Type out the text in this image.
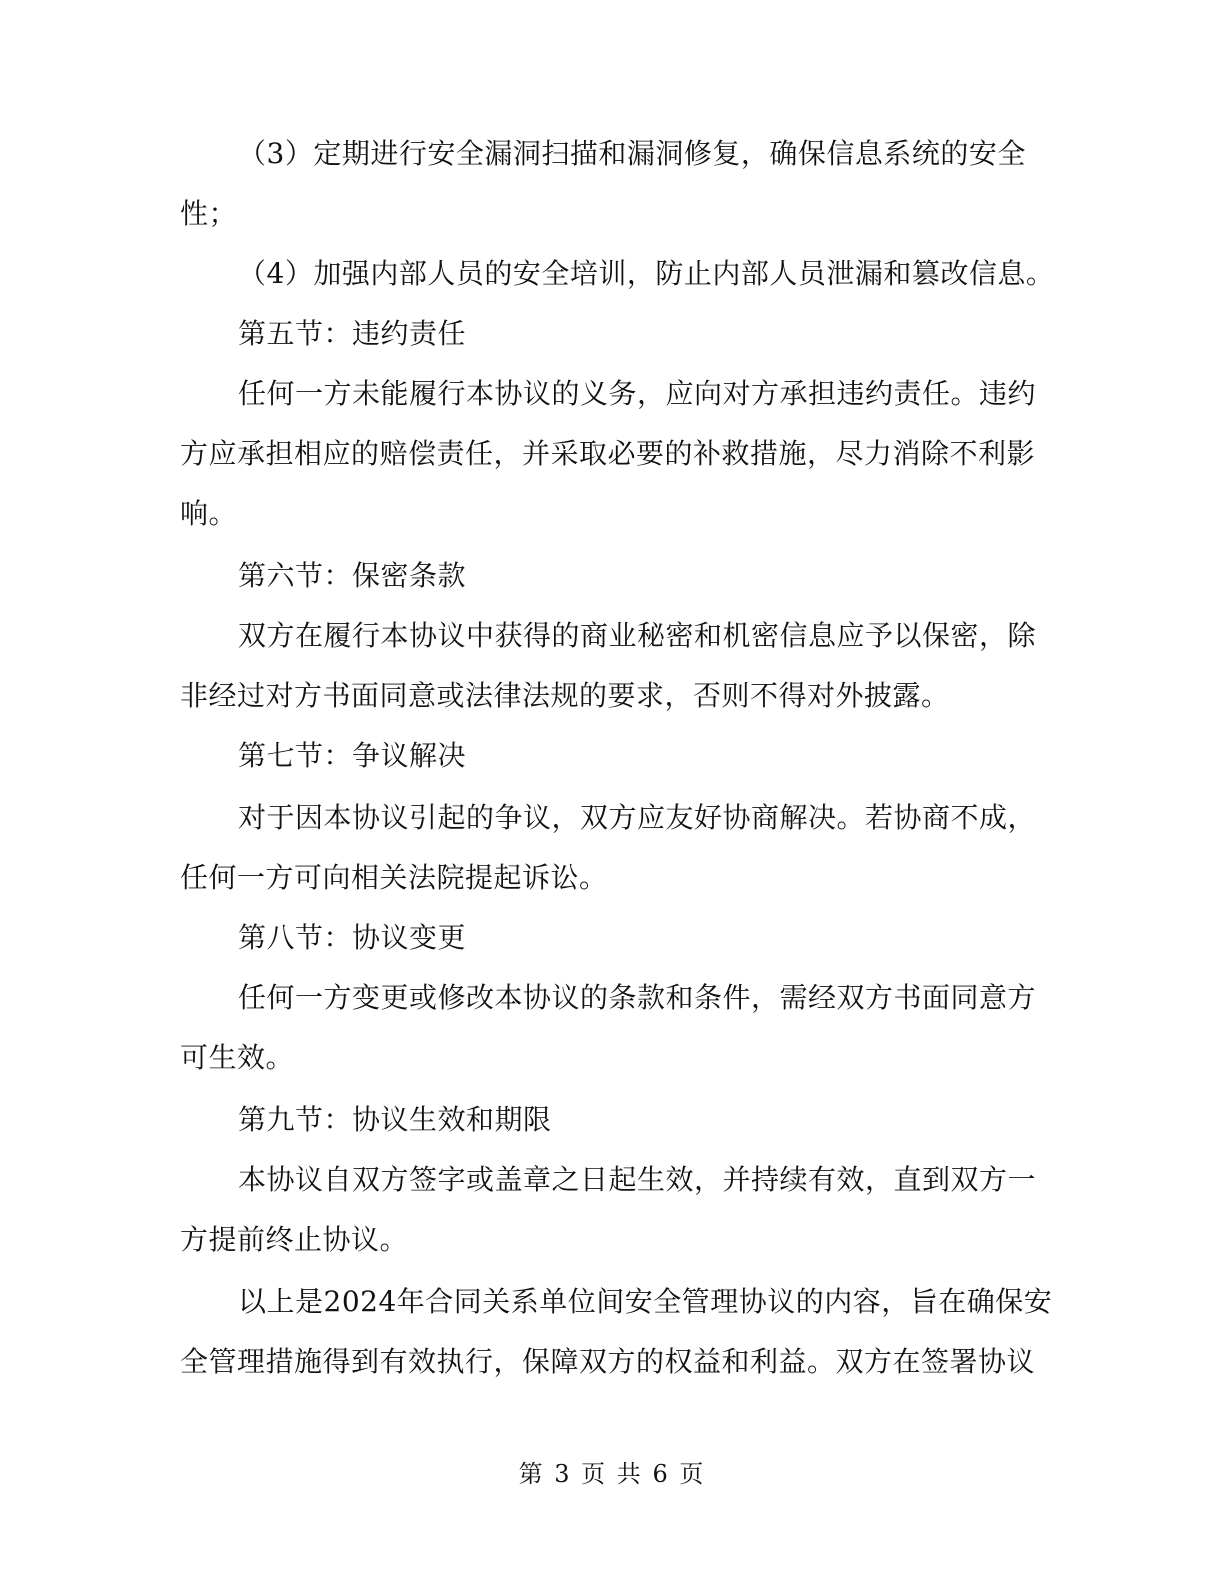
（3）定期进行安全漏洞扫描和漏洞修复，确保信息系统的安全
性；
（4）加强内部人员的安全培训，防止内部人员泄漏和篡改信息。
第五节：违约责任
任何一方未能履行本协议的义务，应向对方承担违约责任。违约
方应承担相应的赔偿责任，并采取必要的补救措施，尽力消除不利影
响。
第六节：保密条款
双方在履行本协议中获得的商业秘密和机密信息应予以保密，除
非经过对方书面同意或法律法规的要求，否则不得对外披露。
第七节：争议解决
对于因本协议引起的争议，双方应友好协商解决。若协商不成，
任何一方可向相关法院提起诉讼。
第八节：协议变更
任何一方变更或修改本协议的条款和条件，需经双方书面同意方
可生效。
第九节：协议生效和期限
本协议自双方签字或盖章之日起生效，并持续有效，直到双方一
方提前终止协议。
以上是2024年合同关系单位间安全管理协议的内容，旨在确保安
全管理措施得到有效执行，保障双方的权益和利益。双方在签署协议
第 3 页 共 6 页
